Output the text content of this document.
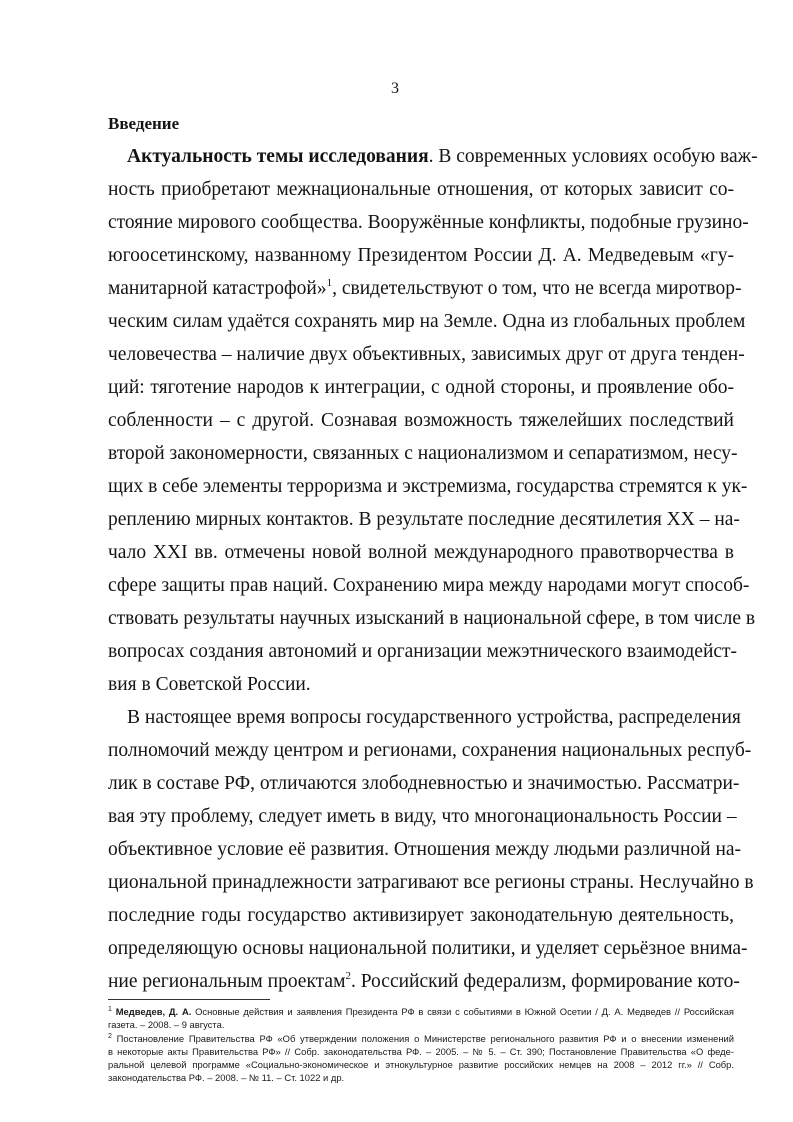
3
Введение
Актуальность темы исследования. В современных условиях особую важ-
ность приобретают межнациональные отношения, от которых зависит со-
стояние мирового сообщества. Вооружённые конфликты, подобные грузино-
югоосетинскому, названному Президентом России Д. А. Медведевым «гу-
манитарной катастрофой»$^1$, свидетельствуют о том, что не всегда миротвор-
ческим силам удаётся сохранять мир на Земле. Одна из глобальных проблем
человечества – наличие двух объективных, зависимых друг от друга тенден-
ций: тяготение народов к интеграции, с одной стороны, и проявление обо-
собленности – с другой. Сознавая возможность тяжелейших последствий
второй закономерности, связанных с национализмом и сепаратизмом, несу-
щих в себе элементы терроризма и экстремизма, государства стремятся к ук-
реплению мирных контактов. В результате последние десятилетия XX – на-
чало XXI вв. отмечены новой волной международного правотворчества в
сфере защиты прав наций. Сохранению мира между народами могут способ-
ствовать результаты научных изысканий в национальной сфере, в том числе в
вопросах создания автономий и организации межэтнического взаимодейст-
вия в Советской России.
В настоящее время вопросы государственного устройства, распределения
полномочий между центром и регионами, сохранения национальных респуб-
лик в составе РФ, отличаются злободневностью и значимостью. Рассматри-
вая эту проблему, следует иметь в виду, что многонациональность России –
объективное условие её развития. Отношения между людьми различной на-
циональной принадлежности затрагивают все регионы страны. Неслучайно в
последние годы государство активизирует законодательную деятельность,
определяющую основы национальной политики, и уделяет серьёзное внима-
ние региональным проектам$^2$. Российский федерализм, формирование кото-
$^1$ Медведев, Д. А. Основные действия и заявления Президента РФ в связи с событиями в Южной Осетии / Д. А. Медведев // Российская
газета. – 2008. – 9 августа.
$^2$ Постановление Правительства РФ «Об утверждении положения о Министерстве регионального развития РФ и о внесении изменений
в некоторые акты Правительства РФ» // Собр. законодательства РФ. – 2005. – № 5. – Ст. 390; Постановление Правительства «О феде-
ральной целевой программе «Социально-экономическое и этнокультурное развитие российских немцев на 2008 – 2012 гг.» // Собр.
законодательства РФ. – 2008. – № 11. – Ст. 1022 и др.
